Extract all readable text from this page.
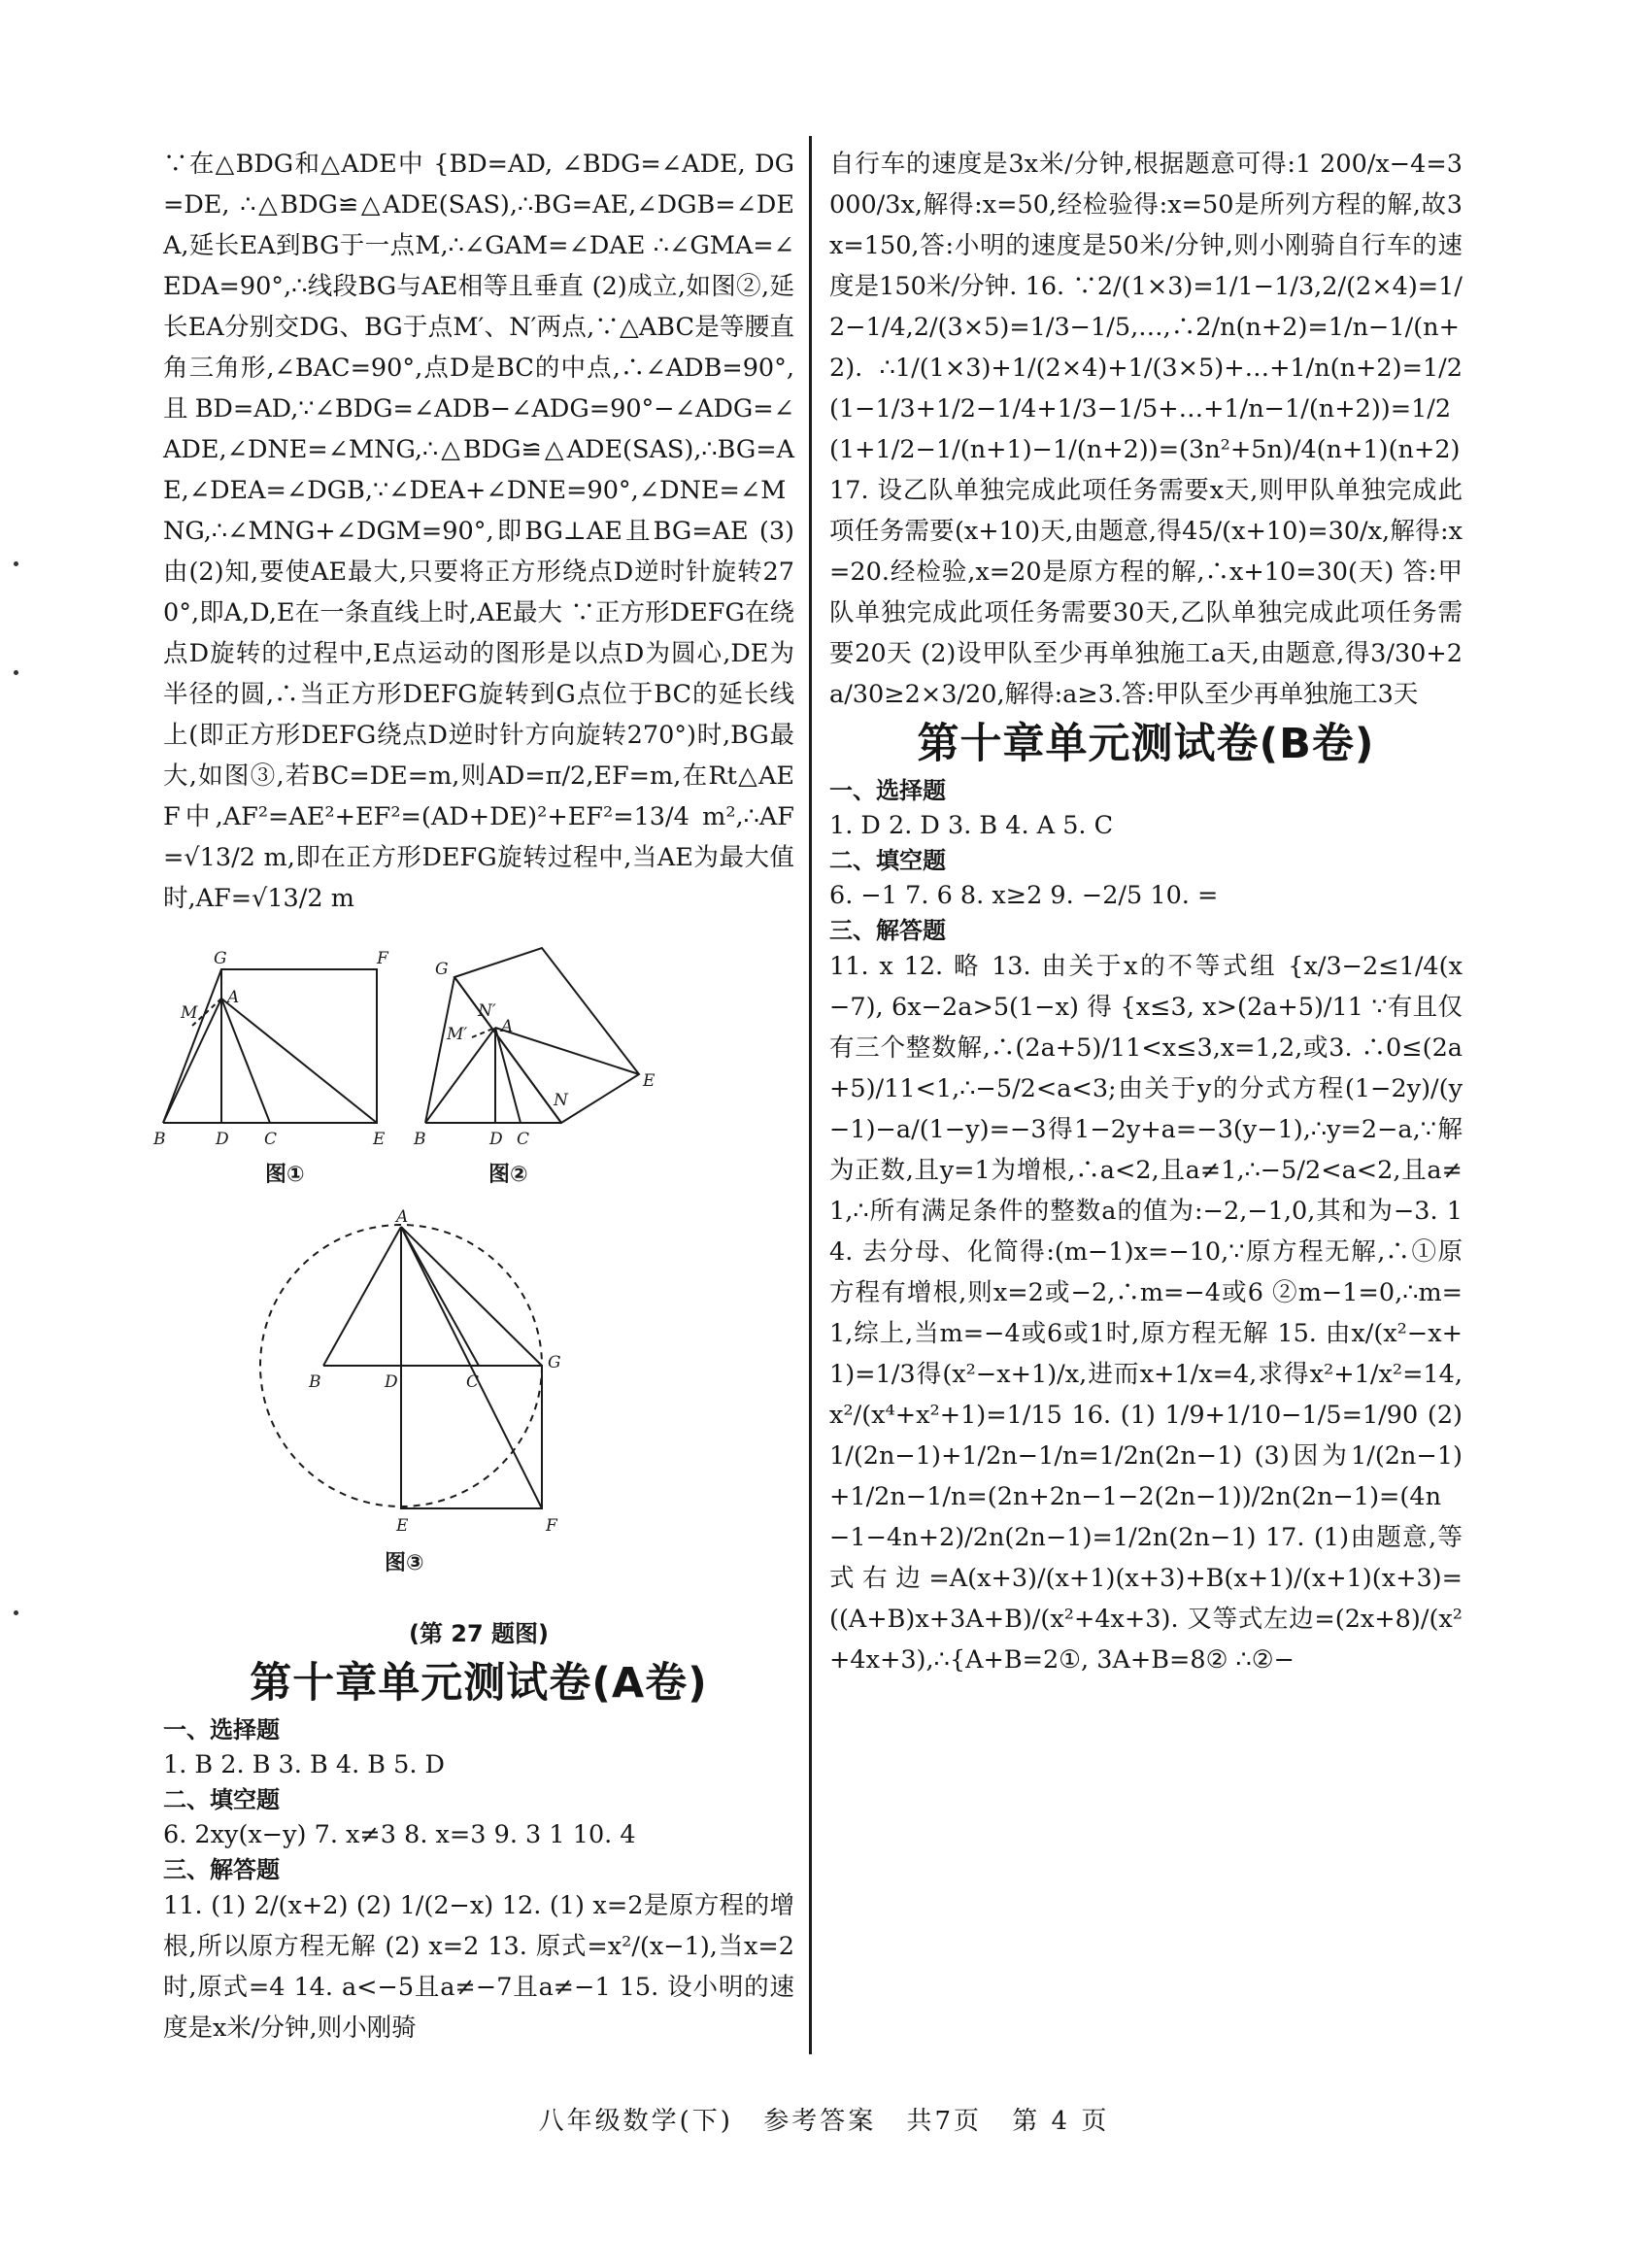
∵在△BDG和△ADE中 {BD=AD, ∠BDG=∠ADE, DG=DE, ∴△BDG≌△ADE(SAS),∴BG=AE,∠DGB=∠DEA,延长EA到BG于一点M,∴∠GAM=∠DAE ∴∠GMA=∠EDA=90°,∴线段BG与AE相等且垂直 (2)成立,如图②,延长EA分别交DG、BG于点M′、N′两点,∵△ABC是等腰直角三角形,∠BAC=90°,点D是BC的中点,∴∠ADB=90°,且BD=AD,∵∠BDG=∠ADB−∠ADG=90°−∠ADG=∠ADE,∠DNE=∠MNG,∴△BDG≌△ADE(SAS),∴BG=AE,∠DEA=∠DGB,∵∠DEA+∠DNE=90°,∠DNE=∠MNG,∴∠MNG+∠DGM=90°,即BG⊥AE且BG=AE (3)由(2)知,要使AE最大,只要将正方形绕点D逆时针旋转270°,即A,D,E在一条直线上时,AE最大 ∵正方形DEFG在绕点D旋转的过程中,E点运动的图形是以点D为圆心,DE为半径的圆,∴当正方形DEFG旋转到G点位于BC的延长线上(即正方形DEFG绕点D逆时针方向旋转270°)时,BG最大,如图③,若BC=DE=m,则AD=π/2,EF=m,在Rt△AEF中,AF²=AE²+EF²=(AD+DE)²+EF²=13/4 m²,∴AF=√13/2 m,即在正方形DEFG旋转过程中,当AE为最大值时,AF=√13/2 m

G	F
M
A
B	D C	E
图①
G
M′
N′
A
N
E
B	D C
图②
A
B	D	C
G
E	F
图③
(第 27 题图)
第十章单元测试卷(A卷)

一、选择题

1. B 2. B 3. B 4. B 5. D

二、填空题

6. 2xy(x−y) 7. x≠3 8. x=3 9. 3 1 10. 4

三、解答题

11. (1) 2/(x+2) (2) 1/(2−x) 12. (1) x=2是原方程的增根,所以原方程无解 (2) x=2 13. 原式=x²/(x−1),当x=2时,原式=4 14. a<−5且a≠−7且a≠−1 15. 设小明的速度是x米/分钟,则小刚骑

自行车的速度是3x米/分钟,根据题意可得:1 200/x−4=3 000/3x,解得:x=50,经检验得:x=50是所列方程的解,故3x=150,答:小明的速度是50米/分钟,则小刚骑自行车的速度是150米/分钟. 16. ∵2/(1×3)=1/1−1/3,2/(2×4)=1/2−1/4,2/(3×5)=1/3−1/5,…,∴2/n(n+2)=1/n−1/(n+2). ∴1/(1×3)+1/(2×4)+1/(3×5)+…+1/n(n+2)=1/2(1−1/3+1/2−1/4+1/3−1/5+…+1/n−1/(n+2))=1/2(1+1/2−1/(n+1)−1/(n+2))=(3n²+5n)/4(n+1)(n+2) 17. 设乙队单独完成此项任务需要x天,则甲队单独完成此项任务需要(x+10)天,由题意,得45/(x+10)=30/x,解得:x=20.经检验,x=20是原方程的解,∴x+10=30(天) 答:甲队单独完成此项任务需要30天,乙队单独完成此项任务需要20天 (2)设甲队至少再单独施工a天,由题意,得3/30+2a/30≥2×3/20,解得:a≥3.答:甲队至少再单独施工3天

第十章单元测试卷(B卷)

一、选择题

1. D 2. D 3. B 4. A 5. C

二、填空题

6. −1 7. 6 8. x≥2 9. −2/5 10. =

三、解答题

11. x 12. 略 13. 由关于x的不等式组 {x/3−2≤1/4(x−7), 6x−2a>5(1−x) 得 {x≤3, x>(2a+5)/11 ∵有且仅有三个整数解,∴(2a+5)/11<x≤3,x=1,2,或3. ∴0≤(2a+5)/11<1,∴−5/2<a<3;由关于y的分式方程(1−2y)/(y−1)−a/(1−y)=−3得1−2y+a=−3(y−1),∴y=2−a,∵解为正数,且y=1为增根,∴a<2,且a≠1,∴−5/2<a<2,且a≠1,∴所有满足条件的整数a的值为:−2,−1,0,其和为−3. 14. 去分母、化简得:(m−1)x=−10,∵原方程无解,∴①原方程有增根,则x=2或−2,∴m=−4或6 ②m−1=0,∴m=1,综上,当m=−4或6或1时,原方程无解 15. 由x/(x²−x+1)=1/3得(x²−x+1)/x,进而x+1/x=4,求得x²+1/x²=14,x²/(x⁴+x²+1)=1/15 16. (1) 1/9+1/10−1/5=1/90 (2) 1/(2n−1)+1/2n−1/n=1/2n(2n−1) (3)因为1/(2n−1)+1/2n−1/n=(2n+2n−1−2(2n−1))/2n(2n−1)=(4n−1−4n+2)/2n(2n−1)=1/2n(2n−1) 17. (1)由题意,等式右边=A(x+3)/(x+1)(x+3)+B(x+1)/(x+1)(x+3)=((A+B)x+3A+B)/(x²+4x+3). 又等式左边=(2x+8)/(x²+4x+3),∴{A+B=2①, 3A+B=8② ∴②−

八年级数学(下) 参考答案 共7页 第 4 页
